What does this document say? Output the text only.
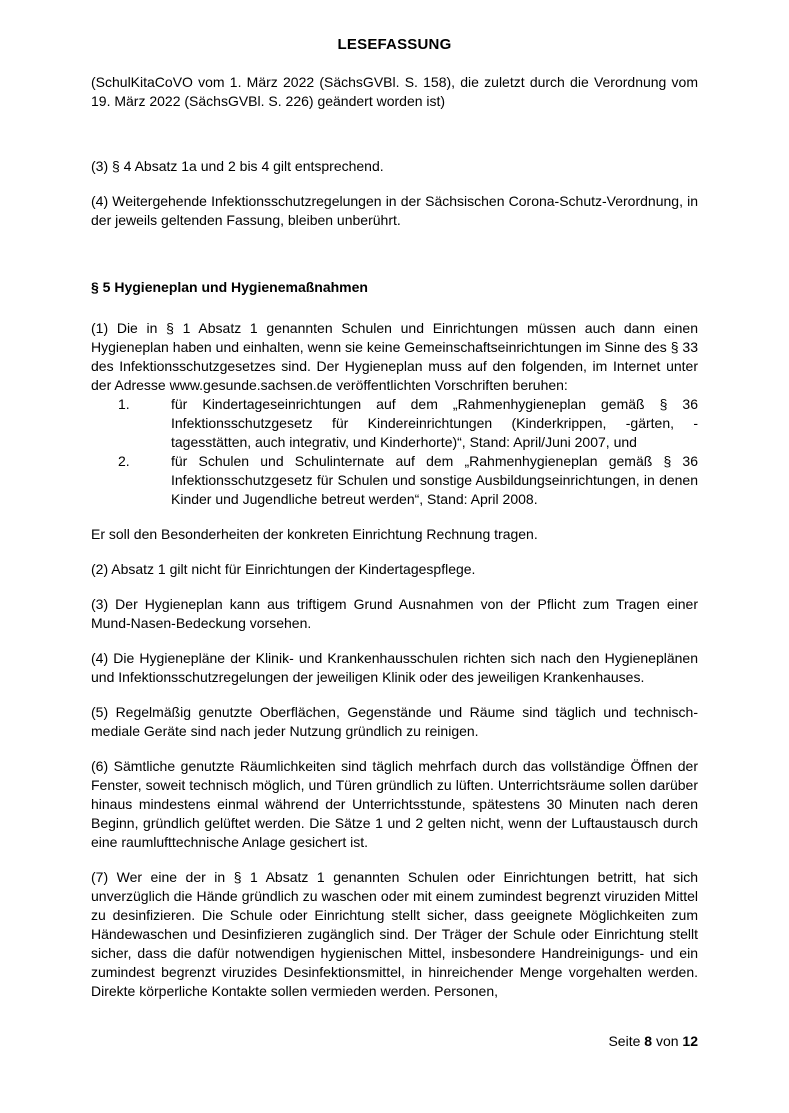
LESEFASSUNG

(SchulKitaCoVO vom 1. März 2022 (SächsGVBl. S. 158), die zuletzt durch die Verordnung vom 19. März 2022 (SächsGVBl. S. 226) geändert worden ist)

(3) § 4 Absatz 1a und 2 bis 4 gilt entsprechend.

(4) Weitergehende Infektionsschutzregelungen in der Sächsischen Corona-Schutz-Verordnung, in der jeweils geltenden Fassung, bleiben unberührt.

§ 5 Hygieneplan und Hygienemaßnahmen

(1) Die in § 1 Absatz 1 genannten Schulen und Einrichtungen müssen auch dann einen Hygieneplan haben und einhalten, wenn sie keine Gemeinschaftseinrichtungen im Sinne des § 33 des Infektionsschutzgesetzes sind. Der Hygieneplan muss auf den folgenden, im Internet unter der Adresse www.gesunde.sachsen.de veröffentlichten Vorschriften beruhen:

1.	für Kindertageseinrichtungen auf dem „Rahmenhygieneplan gemäß § 36 Infektionsschutzgesetz für Kindereinrichtungen (Kinderkrippen, -gärten, -tagesstätten, auch integrativ, und Kinderhorte)“, Stand: April/Juni 2007, und
2.	für Schulen und Schulinternate auf dem „Rahmenhygieneplan gemäß § 36 Infektionsschutzgesetz für Schulen und sonstige Ausbildungseinrichtungen, in denen Kinder und Jugendliche betreut werden“, Stand: April 2008.

Er soll den Besonderheiten der konkreten Einrichtung Rechnung tragen.

(2) Absatz 1 gilt nicht für Einrichtungen der Kindertagespflege.

(3) Der Hygieneplan kann aus triftigem Grund Ausnahmen von der Pflicht zum Tragen einer Mund-Nasen-Bedeckung vorsehen.

(4) Die Hygienepläne der Klinik- und Krankenhausschulen richten sich nach den Hygieneplänen und Infektionsschutzregelungen der jeweiligen Klinik oder des jeweiligen Krankenhauses.

(5) Regelmäßig genutzte Oberflächen, Gegenstände und Räume sind täglich und technisch-mediale Geräte sind nach jeder Nutzung gründlich zu reinigen.

(6) Sämtliche genutzte Räumlichkeiten sind täglich mehrfach durch das vollständige Öffnen der Fenster, soweit technisch möglich, und Türen gründlich zu lüften. Unterrichtsräume sollen darüber hinaus mindestens einmal während der Unterrichtsstunde, spätestens 30 Minuten nach deren Beginn, gründlich gelüftet werden. Die Sätze 1 und 2 gelten nicht, wenn der Luftaustausch durch eine raumlufttechnische Anlage gesichert ist.

(7) Wer eine der in § 1 Absatz 1 genannten Schulen oder Einrichtungen betritt, hat sich unverzüglich die Hände gründlich zu waschen oder mit einem zumindest begrenzt viruziden Mittel zu desinfizieren. Die Schule oder Einrichtung stellt sicher, dass geeignete Möglichkeiten zum Händewaschen und Desinfizieren zugänglich sind. Der Träger der Schule oder Einrichtung stellt sicher, dass die dafür notwendigen hygienischen Mittel, insbesondere Handreinigungs- und ein zumindest begrenzt viruzides Desinfektionsmittel, in hinreichender Menge vorgehalten werden. Direkte körperliche Kontakte sollen vermieden werden. Personen,

Seite 8 von 12
